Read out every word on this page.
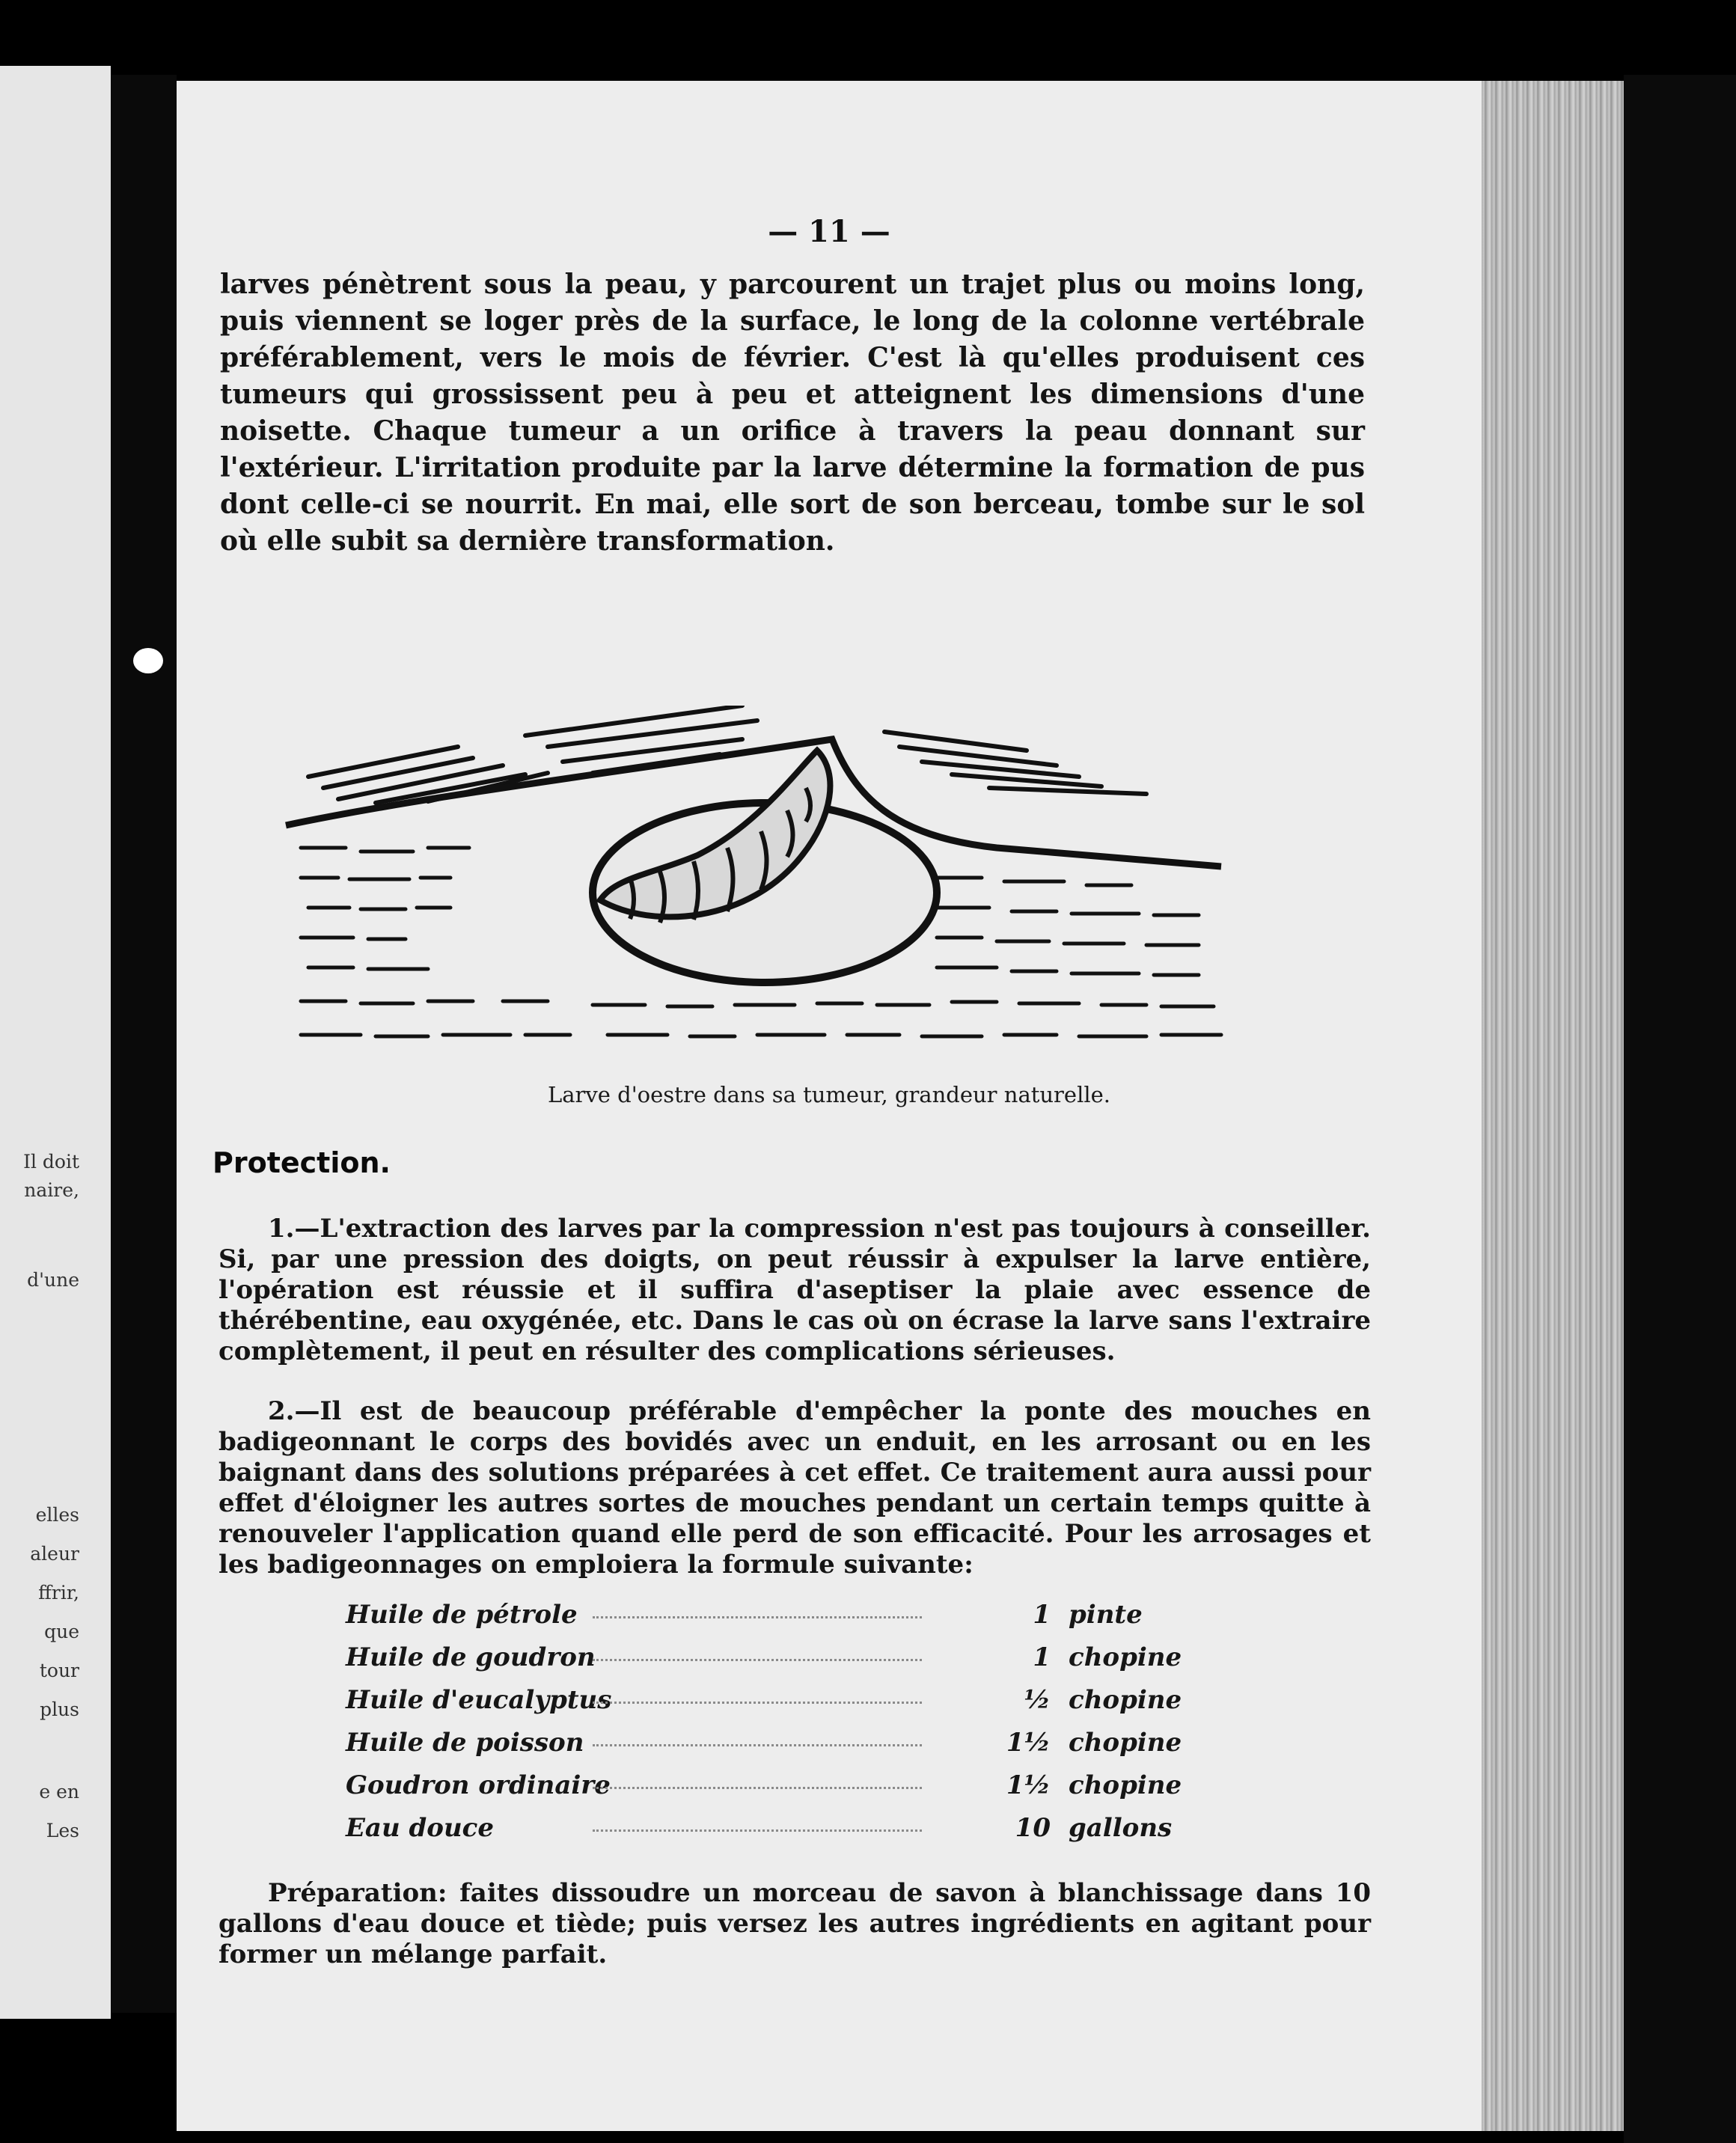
Il doit
naire,
d'une
elles
aleur
ffrir,
que
tour
plus
e en
Les
— 11 —
larves pénètrent sous la peau, y parcourent un trajet plus ou moins long, puis viennent se loger près de la surface, le long de la colonne vertébrale préférablement, vers le mois de février. C'est là qu'elles produisent ces tumeurs qui grossissent peu à peu et atteignent les dimensions d'une noisette. Chaque tumeur a un orifice à travers la peau donnant sur l'extérieur. L'irritation produite par la larve détermine la formation de pus dont celle-ci se nourrit. En mai, elle sort de son berceau, tombe sur le sol où elle subit sa dernière transformation.
Larve d'oestre dans sa tumeur, grandeur naturelle.
Protection.
1.—L'extraction des larves par la compression n'est pas toujours à conseiller. Si, par une pression des doigts, on peut réussir à expulser la larve entière, l'opération est réussie et il suffira d'aseptiser la plaie avec essence de thérébentine, eau oxygénée, etc. Dans le cas où on écrase la larve sans l'extraire complètement, il peut en résulter des complications sérieuses.
2.—Il est de beaucoup préférable d'empêcher la ponte des mouches en badigeonnant le corps des bovidés avec un enduit, en les arrosant ou en les baignant dans des solutions préparées à cet effet. Ce traitement aura aussi pour effet d'éloigner les autres sortes de mouches pendant un certain temps quitte à renouveler l'application quand elle perd de son efficacité. Pour les arrosages et les badigeonnages on emploiera la formule suivante:
Huile de pétrole	1 pinte
Huile de goudron	1 chopine
Huile d'eucalyptus	½ chopine
Huile de poisson	1½ chopine
Goudron ordinaire	1½ chopine
Eau douce	10 gallons
Préparation: faites dissoudre un morceau de savon à blanchissage dans 10 gallons d'eau douce et tiède; puis versez les autres ingrédients en agitant pour former un mélange parfait.
